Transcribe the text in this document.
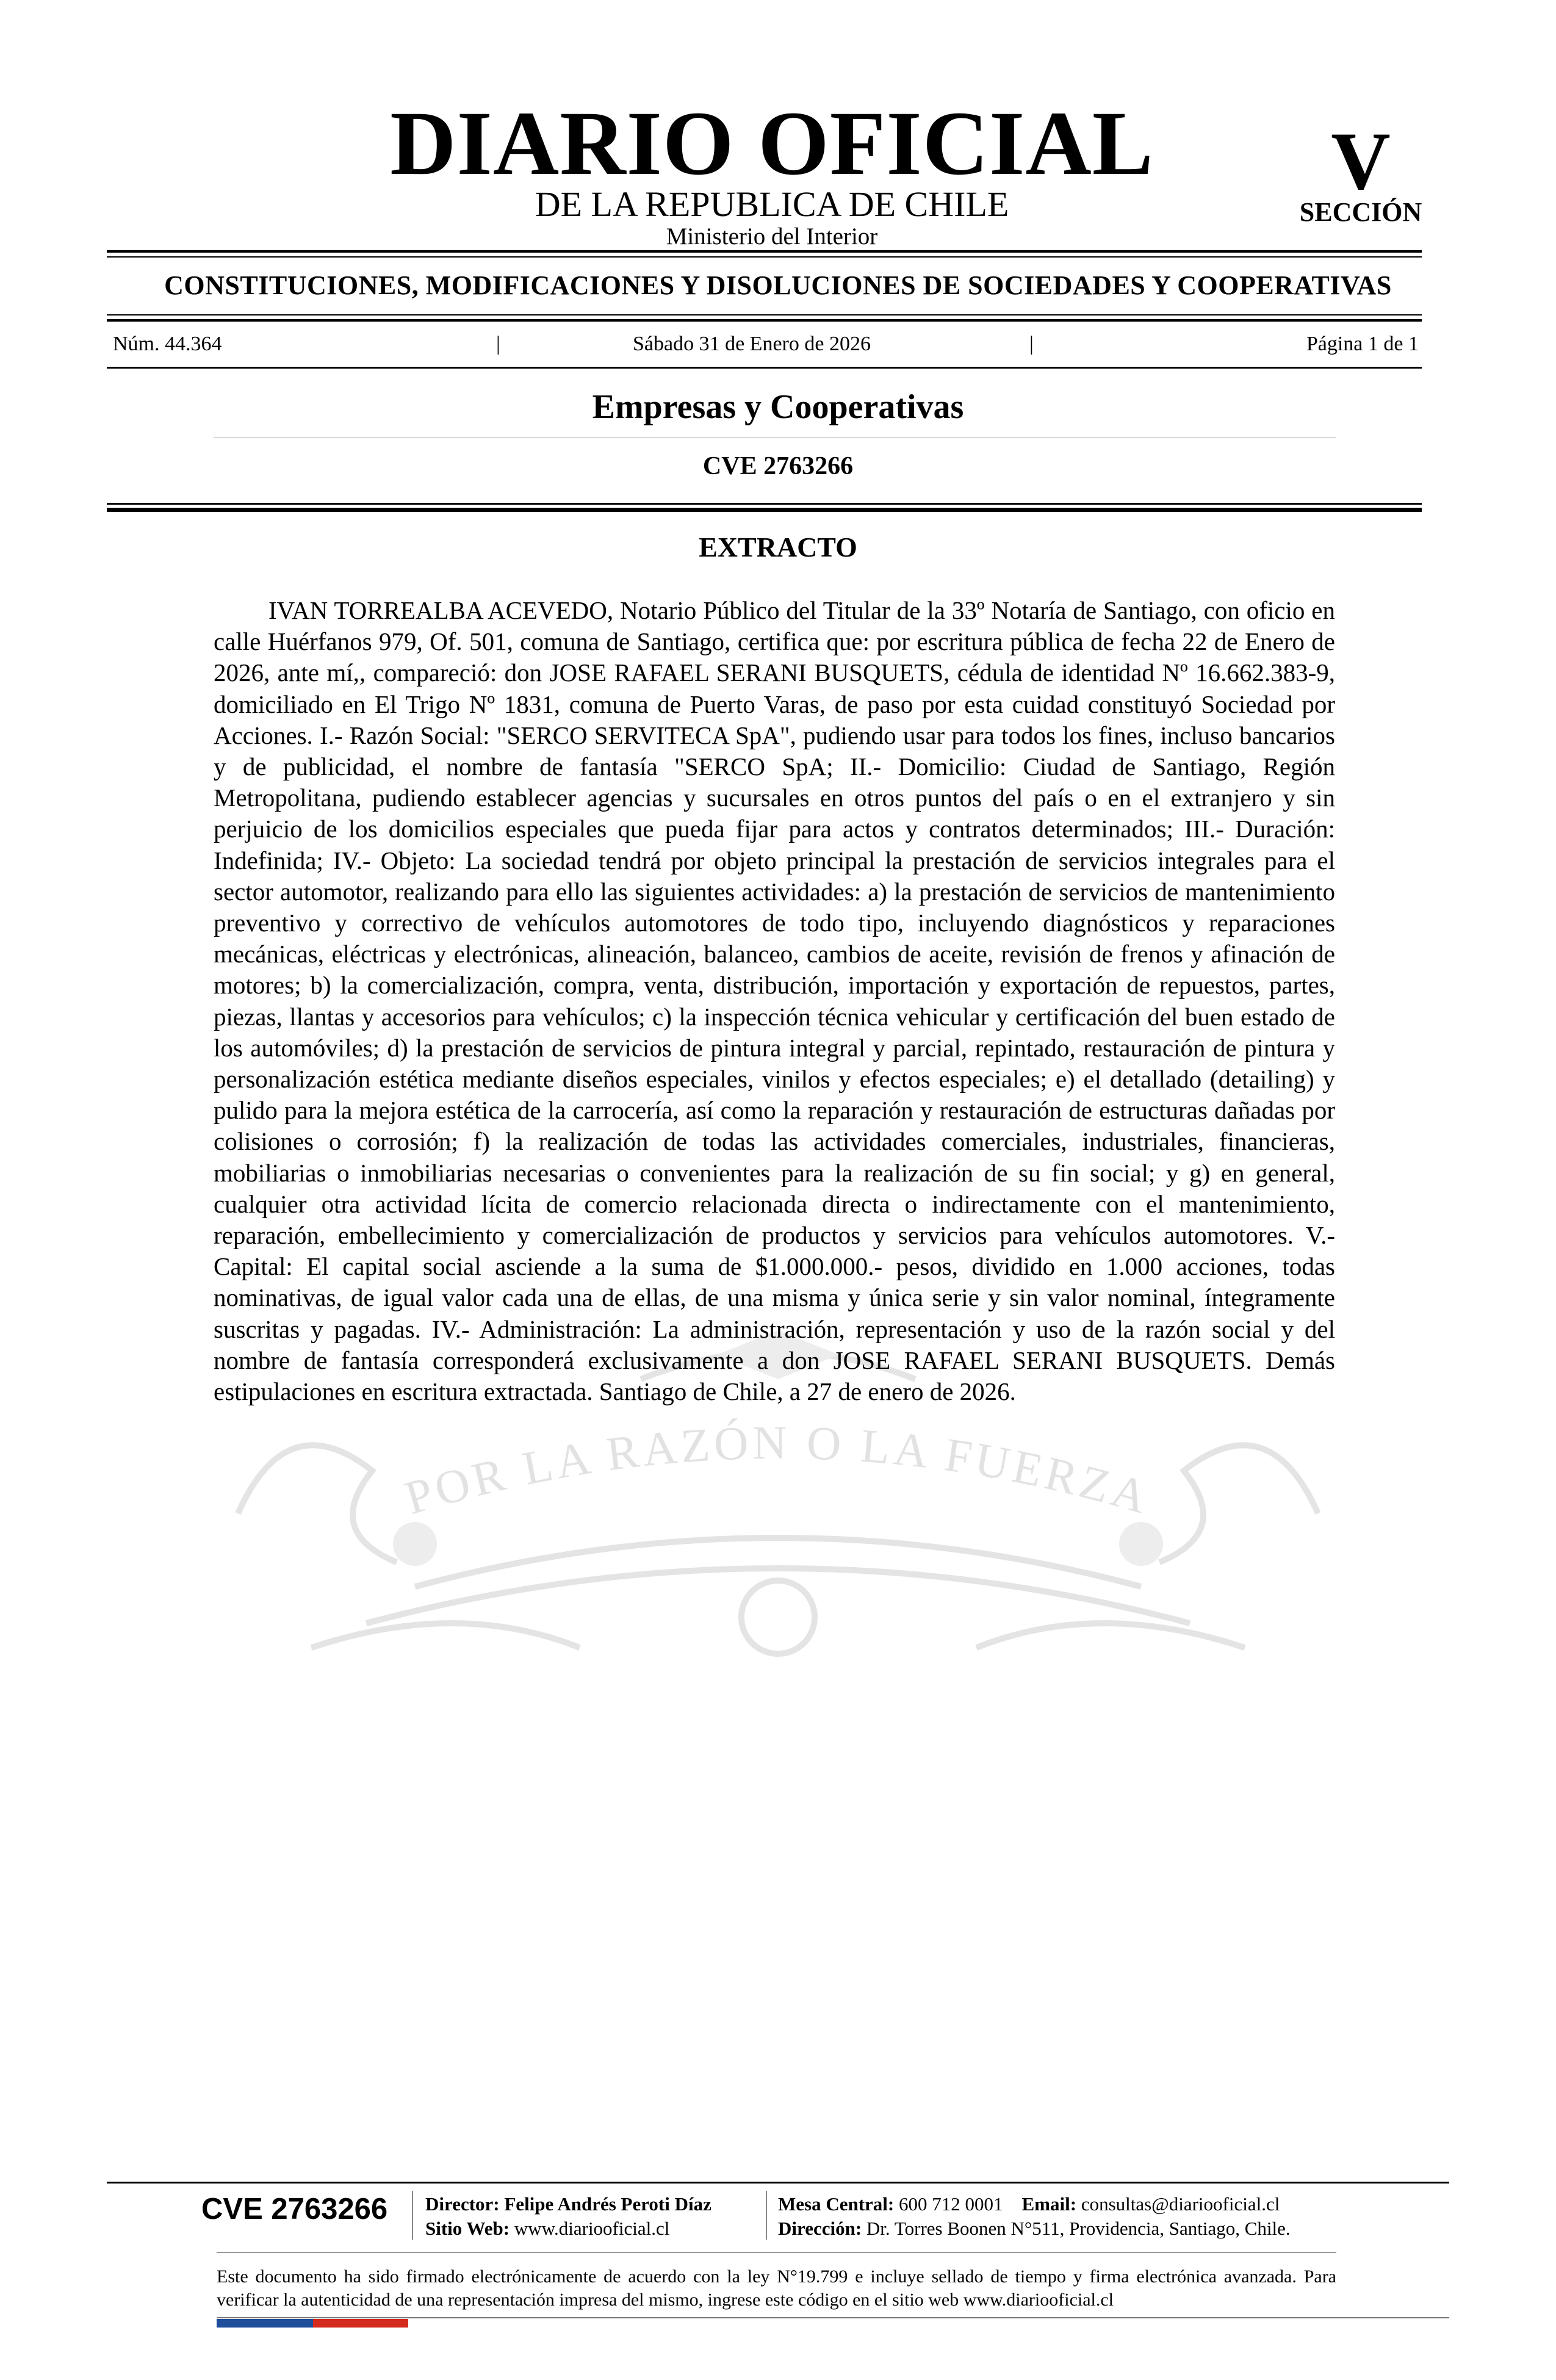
DIARIO OFICIAL
DE LA REPUBLICA DE CHILE
Ministerio del Interior
V
SECCIÓN
CONSTITUCIONES, MODIFICACIONES Y DISOLUCIONES DE SOCIEDADES Y COOPERATIVAS
Núm. 44.364	|	Sábado 31 de Enero de 2026	|	Página 1 de 1
Empresas y Cooperativas
CVE 2763266
POR LA RAZÓN O LA FUERZA
EXTRACTO

IVAN TORREALBA ACEVEDO, Notario Público del Titular de la 33º Notaría de Santiago, con oficio en calle Huérfanos 979, Of. 501, comuna de Santiago, certifica que: por escritura pública de fecha 22 de Enero de 2026, ante mí,, compareció: don JOSE RAFAEL SERANI BUSQUETS, cédula de identidad Nº 16.662.383-9, domiciliado en El Trigo Nº 1831, comuna de Puerto Varas, de paso por esta cuidad constituyó Sociedad por Acciones. I.- Razón Social: "SERCO SERVITECA SpA", pudiendo usar para todos los fines, incluso bancarios y de publicidad, el nombre de fantasía "SERCO SpA; II.- Domicilio: Ciudad de Santiago, Región Metropolitana, pudiendo establecer agencias y sucursales en otros puntos del país o en el extranjero y sin perjuicio de los domicilios especiales que pueda fijar para actos y contratos determinados; III.- Duración: Indefinida; IV.- Objeto: La sociedad tendrá por objeto principal la prestación de servicios integrales para el sector automotor, realizando para ello las siguientes actividades: a) la prestación de servicios de mantenimiento preventivo y correctivo de vehículos automotores de todo tipo, incluyendo diagnósticos y reparaciones mecánicas, eléctricas y electrónicas, alineación, balanceo, cambios de aceite, revisión de frenos y afinación de motores; b) la comercialización, compra, venta, distribución, importación y exportación de repuestos, partes, piezas, llantas y accesorios para vehículos; c) la inspección técnica vehicular y certificación del buen estado de los automóviles; d) la prestación de servicios de pintura integral y parcial, repintado, restauración de pintura y personalización estética mediante diseños especiales, vinilos y efectos especiales; e) el detallado (detailing) y pulido para la mejora estética de la carrocería, así como la reparación y restauración de estructuras dañadas por colisiones o corrosión; f) la realización de todas las actividades comerciales, industriales, financieras, mobiliarias o inmobiliarias necesarias o convenientes para la realización de su fin social; y g) en general, cualquier otra actividad lícita de comercio relacionada directa o indirectamente con el mantenimiento, reparación, embellecimiento y comercialización de productos y servicios para vehículos automotores. V.- Capital: El capital social asciende a la suma de $1.000.000.- pesos, dividido en 1.000 acciones, todas nominativas, de igual valor cada una de ellas, de una misma y única serie y sin valor nominal, íntegramente suscritas y pagadas. IV.- Administración: La administración, representación y uso de la razón social y del nombre de fantasía corresponderá exclusivamente a don JOSE RAFAEL SERANI BUSQUETS. Demás estipulaciones en escritura extractada. Santiago de Chile, a 27 de enero de 2026.

CVE 2763266	Director: Felipe Andrés Peroti Díaz
Sitio Web: www.diariooficial.cl
Mesa Central: 600 712 0001 Email: consultas@diariooficial.cl
Dirección: Dr. Torres Boonen N°511, Providencia, Santiago, Chile.

Este documento ha sido firmado electrónicamente de acuerdo con la ley N°19.799 e incluye sellado de tiempo y firma electrónica avanzada. Para verificar la autenticidad de una representación impresa del mismo, ingrese este código en el sitio web www.diariooficial.cl
